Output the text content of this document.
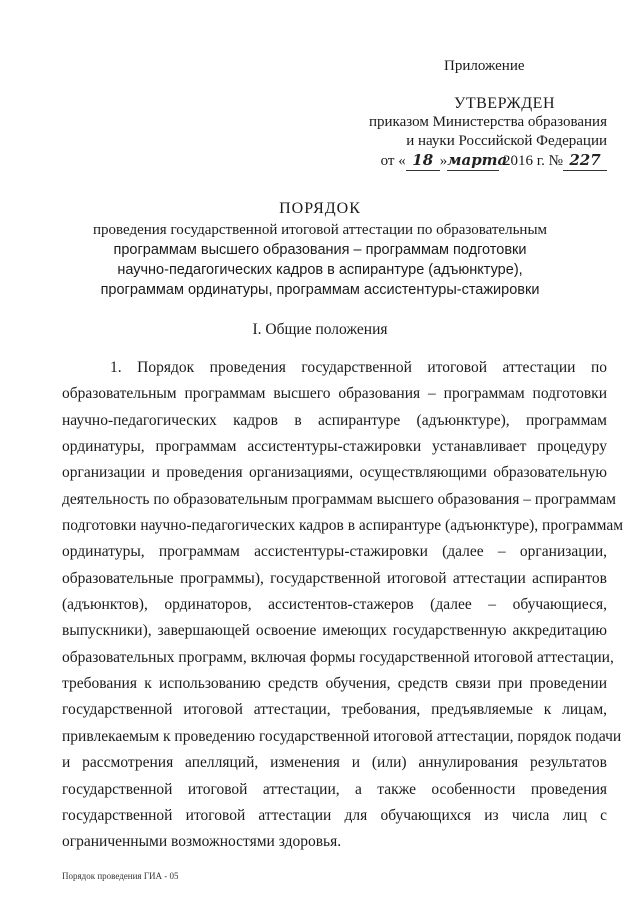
Приложение
УТВЕРЖДЕН
приказом Министерства образования
и науки Российской Федерации
от « 18 »марта 2016 г. № 227
ПОРЯДОК
проведения государственной итоговой аттестации по образовательным
программам высшего образования – программам подготовки
научно-педагогических кадров в аспирантуре (адъюнктуре),
программам ординатуры, программам ассистентуры-стажировки
I. Общие положения
1. Порядок проведения государственной итоговой аттестации по
образовательным программам высшего образования – программам подготовки
научно-педагогических кадров в аспирантуре (адъюнктуре), программам
ординатуры, программам ассистентуры-стажировки устанавливает процедуру
организации и проведения организациями, осуществляющими образовательную
деятельность по образовательным программам высшего образования – программам
подготовки научно-педагогических кадров в аспирантуре (адъюнктуре), программам
ординатуры, программам ассистентуры-стажировки (далее – организации,
образовательные программы), государственной итоговой аттестации аспирантов
(адъюнктов), ординаторов, ассистентов-стажеров (далее – обучающиеся,
выпускники), завершающей освоение имеющих государственную аккредитацию
образовательных программ, включая формы государственной итоговой аттестации,
требования к использованию средств обучения, средств связи при проведении
государственной итоговой аттестации, требования, предъявляемые к лицам,
привлекаемым к проведению государственной итоговой аттестации, порядок подачи
и рассмотрения апелляций, изменения и (или) аннулирования результатов
государственной итоговой аттестации, а также особенности проведения
государственной итоговой аттестации для обучающихся из числа лиц с
ограниченными возможностями здоровья.
Порядок проведения ГИА - 05
